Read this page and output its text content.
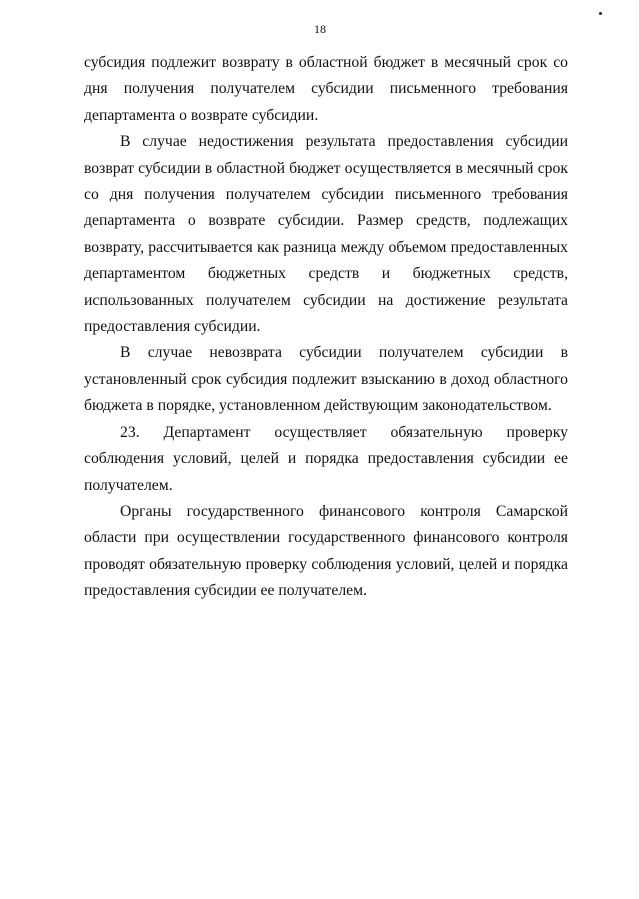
18

субсидия подлежит возврату в областной бюджет в месячный срок со дня получения получателем субсидии письменного требования департамента о возврате субсидии.

В случае недостижения результата предоставления субсидии возврат субсидии в областной бюджет осуществляется в месячный срок со дня получения получателем субсидии письменного требования департамента о возврате субсидии. Размер средств, подлежащих возврату, рассчитывается как разница между объемом предоставленных департаментом бюджетных средств и бюджетных средств, использованных получателем субсидии на достижение результата предоставления субсидии.

В случае невозврата субсидии получателем субсидии в установленный срок субсидия подлежит взысканию в доход областного бюджета в порядке, установленном действующим законодательством.

23. Департамент осуществляет обязательную проверку соблюдения условий, целей и порядка предоставления субсидии ее получателем.

Органы государственного финансового контроля Самарской области при осуществлении государственного финансового контроля проводят обязательную проверку соблюдения условий, целей и порядка предоставления субсидии ее получателем.
